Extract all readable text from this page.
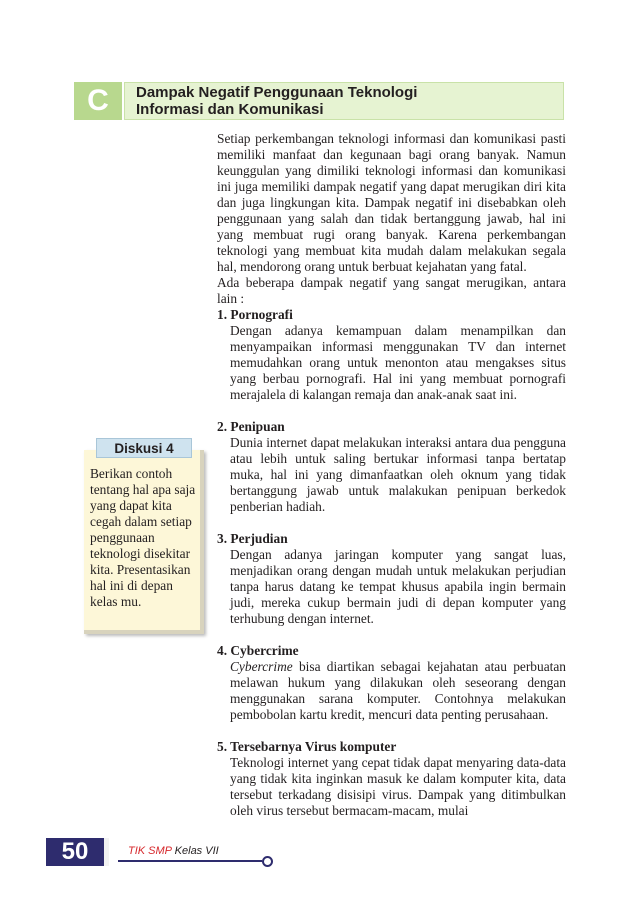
C	Dampak Negatif Penggunaan Teknologi
Informasi dan Komunikasi

Setiap perkembangan teknologi informasi dan komunikasi pasti memiliki manfaat dan kegunaan bagi orang banyak. Namun keunggulan yang dimiliki teknologi informasi dan komunikasi ini juga memiliki dampak negatif yang dapat merugikan diri kita dan juga lingkungan kita. Dampak negatif ini disebabkan oleh penggunaan yang salah dan tidak bertanggung jawab, hal ini yang membuat rugi orang banyak. Karena perkembangan teknologi yang membuat kita mudah dalam melakukan segala hal, mendorong orang untuk berbuat kejahatan yang fatal.

Ada beberapa dampak negatif yang sangat merugikan, antara lain :

1. Pornografi
Dengan adanya kemampuan dalam menampilkan dan menyampaikan informasi menggunakan TV dan internet memudahkan orang untuk menonton atau mengakses situs yang berbau pornografi. Hal ini yang membuat pornografi merajalela di kalangan remaja dan anak-anak saat ini.
2. Penipuan
Dunia internet dapat melakukan interaksi antara dua pengguna atau lebih untuk saling bertukar informasi tanpa bertatap muka, hal ini yang dimanfaatkan oleh oknum yang tidak bertanggung jawab untuk malakukan penipuan berkedok penberian hadiah.
3. Perjudian
Dengan adanya jaringan komputer yang sangat luas, menjadikan orang dengan mudah untuk melakukan perjudian tanpa harus datang ke tempat khusus apabila ingin bermain judi, mereka cukup bermain judi di depan komputer yang terhubung dengan internet.
4. Cybercrime
Cybercrime bisa diartikan sebagai kejahatan atau perbuatan melawan hukum yang dilakukan oleh seseorang dengan menggunakan sarana komputer. Contohnya melakukan pembobolan kartu kredit, mencuri data penting perusahaan.
5. Tersebarnya Virus komputer
Teknologi internet yang cepat tidak dapat menyaring data-data yang tidak kita inginkan masuk ke dalam komputer kita, data tersebut terkadang disisipi virus. Dampak yang ditimbulkan oleh virus tersebut bermacam-macam, mulai
Diskusi 4
Berikan contoh tentang hal apa saja yang dapat kita cegah dalam setiap penggunaan teknologi disekitar kita. Presentasikan hal ini di depan kelas mu.
50	TIK SMP Kelas VII
